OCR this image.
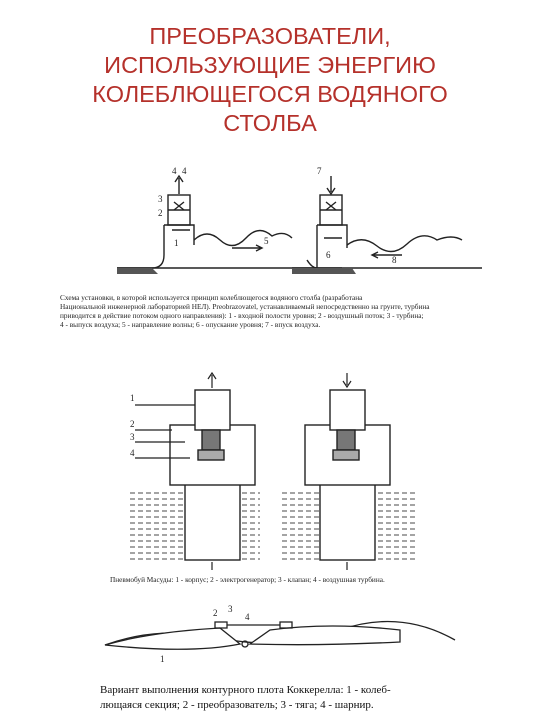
ПРЕОБРАЗОВАТЕЛИ,
ИСПОЛЬЗУЮЩИЕ ЭНЕРГИЮ
КОЛЕБЛЮЩЕГОСЯ ВОДЯНОГО
СТОЛБА
4 4
3
2
1	5
7
6	8
Схема установки, в которой используется принцип колеблющегося водяного столба (разработана
Национальной инженерной лабораторией НЕЛ). Preobrazovatel, устанавливаемый непосредственно на грунте, турбина
приводится в действие потоком одного направления): 1 - входной полости уровня; 2 - воздушный поток; 3 - турбина;
4 - выпуск воздуха; 5 - направление волны; 6 - опускание уровня; 7 - впуск воздуха.
1
2
3
4
Пневмобуй Масуды: 1 - корпус; 2 - электрогенератор; 3 - клапан; 4 - воздушная турбина.
2 3
4
1
Вариант выполнения контурного плота Коккерелла: 1 - колеб-
лющаяся секция; 2 - преобразователь; 3 - тяга; 4 - шарнир.
